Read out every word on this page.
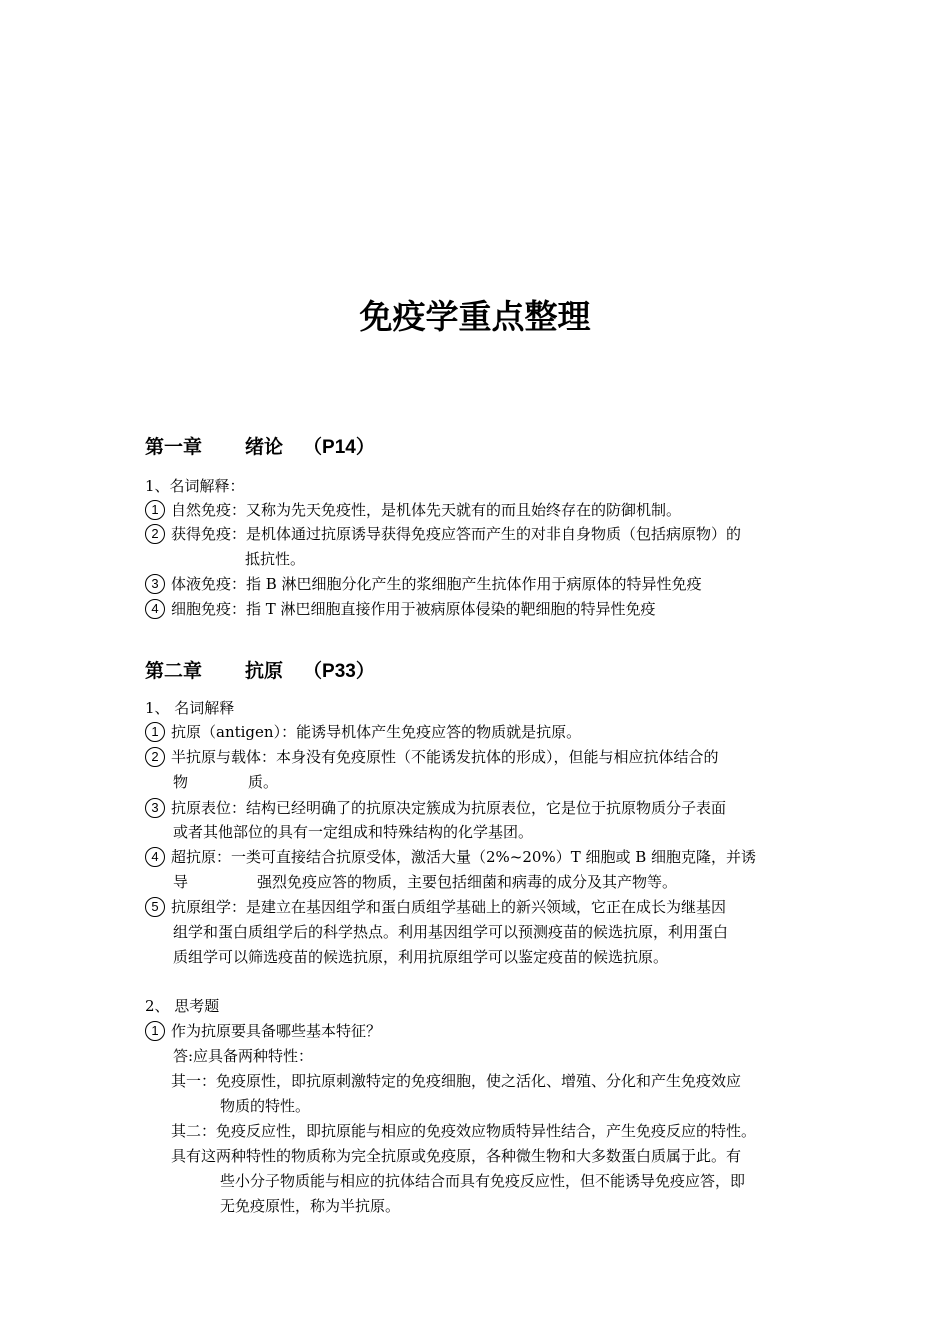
免疫学重点整理
第一章 绪论 （P14）
1、名词解释：
1 自然免疫：又称为先天免疫性，是机体先天就有的而且始终存在的防御机制。
2 获得免疫：是机体通过抗原诱导获得免疫应答而产生的对非自身物质（包括病原物）的
抵抗性。
3 体液免疫：指 B 淋巴细胞分化产生的浆细胞产生抗体作用于病原体的特异性免疫
4 细胞免疫：指 T 淋巴细胞直接作用于被病原体侵染的靶细胞的特异性免疫
第二章 抗原 （P33）
1、 名词解释
1 抗原（antigen）：能诱导机体产生免疫应答的物质就是抗原。
2 半抗原与载体：本身没有免疫原性（不能诱发抗体的形成），但能与相应抗体结合的
物	质。
3 抗原表位：结构已经明确了的抗原决定簇成为抗原表位，它是位于抗原物质分子表面
或者其他部位的具有一定组成和特殊结构的化学基团。
4 超抗原：一类可直接结合抗原受体，激活大量（2%~20%）T 细胞或 B 细胞克隆，并诱
导	强烈免疫应答的物质，主要包括细菌和病毒的成分及其产物等。
5 抗原组学：是建立在基因组学和蛋白质组学基础上的新兴领域，它正在成长为继基因
组学和蛋白质组学后的科学热点。利用基因组学可以预测疫苗的候选抗原，利用蛋白
质组学可以筛选疫苗的候选抗原，利用抗原组学可以鉴定疫苗的候选抗原。
2、 思考题
1 作为抗原要具备哪些基本特征？
答:应具备两种特性：
其一：免疫原性，即抗原刺激特定的免疫细胞，使之活化、增殖、分化和产生免疫效应
物质的特性。
其二：免疫反应性，即抗原能与相应的免疫效应物质特异性结合，产生免疫反应的特性。
具有这两种特性的物质称为完全抗原或免疫原，各种微生物和大多数蛋白质属于此。有
些小分子物质能与相应的抗体结合而具有免疫反应性，但不能诱导免疫应答，即
无免疫原性，称为半抗原。
